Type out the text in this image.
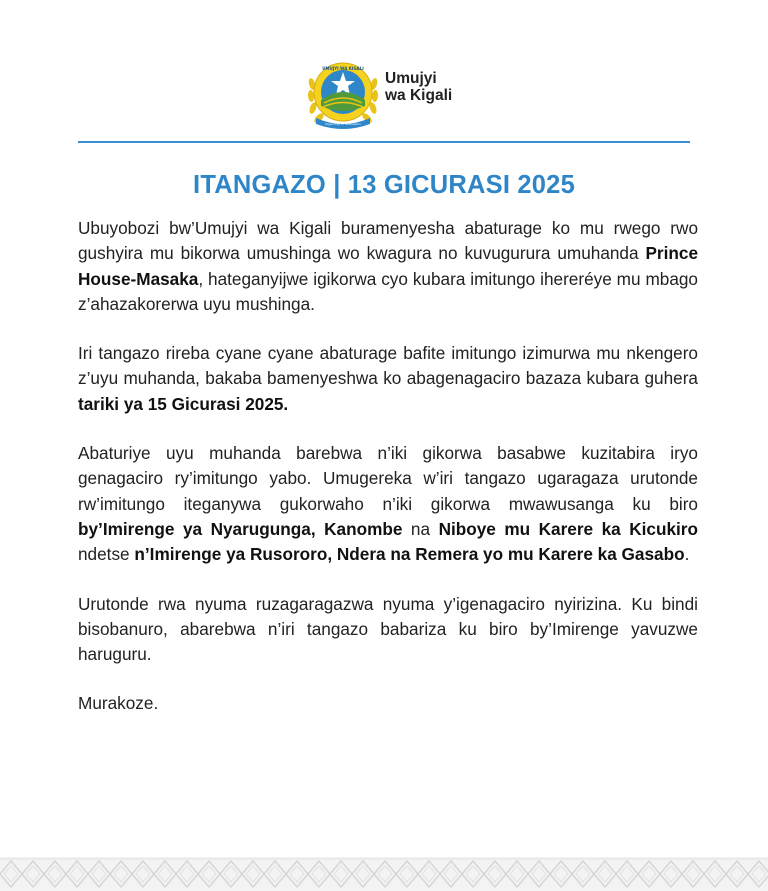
UMUJYI WA KIGALI
Kigali city of innovation
Umujyi
wa Kigali
ITANGAZO | 13 GICURASI 2025

Ubuyobozi bw’Umujyi wa Kigali buramenyesha abaturage ko mu rwego rwo gushyira mu bikorwa umushinga wo kwagura no kuvugurura umuhanda Prince House-Masaka, hateganyijwe igikorwa cyo kubara imitungo ihereréye mu mbago z’ahazakorerwa uyu mushinga.

Iri tangazo rireba cyane cyane abaturage bafite imitungo izimurwa mu nkengero z’uyu muhanda, bakaba bamenyeshwa ko abagenagaciro bazaza kubara guhera tariki ya 15 Gicurasi 2025.

Abaturiye uyu muhanda barebwa n’iki gikorwa basabwe kuzitabira iryo genagaciro ry’imitungo yabo. Umugereka w’iri tangazo ugaragaza urutonde rw’imitungo iteganywa gukorwaho n’iki gikorwa mwawusanga ku biro by’Imirenge ya Nyarugunga, Kanombe na Niboye mu Karere ka Kicukiro ndetse n’Imirenge ya Rusororo, Ndera na Remera yo mu Karere ka Gasabo.

Urutonde rwa nyuma ruzagaragazwa nyuma y’igenagaciro nyirizina. Ku bindi bisobanuro, abarebwa n’iri tangazo babariza ku biro by’Imirenge yavuzwe haruguru.

Murakoze.
